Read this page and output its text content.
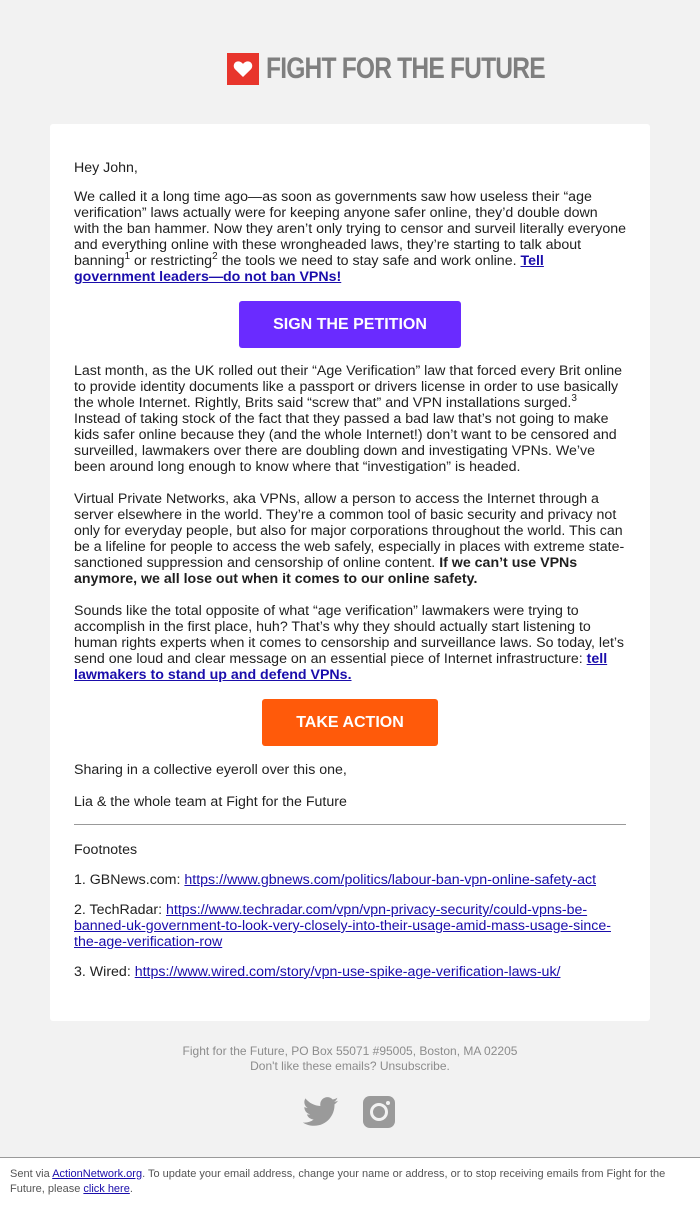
FIGHT FOR THE FUTURE

Hey John,

We called it a long time ago—as soon as governments saw how useless their “age verification” laws actually were for keeping anyone safer online, they’d double down with the ban hammer. Now they aren’t only trying to censor and surveil literally everyone and everything online with these wrongheaded laws, they’re starting to talk about banning$^1$ or restricting$^2$ the tools we need to stay safe and work online. Tell government leaders—do not ban VPNs!

SIGN THE PETITION

Last month, as the UK rolled out their “Age Verification” law that forced every Brit online to provide identity documents like a passport or drivers license in order to use basically the whole Internet. Rightly, Brits said “screw that” and VPN installations surged.$^3$ Instead of taking stock of the fact that they passed a bad law that’s not going to make kids safer online because they (and the whole Internet!) don’t want to be censored and surveilled, lawmakers over there are doubling down and investigating VPNs. We’ve been around long enough to know where that “investigation” is headed.

Virtual Private Networks, aka VPNs, allow a person to access the Internet through a server elsewhere in the world. They’re a common tool of basic security and privacy not only for everyday people, but also for major corporations throughout the world. This can be a lifeline for people to access the web safely, especially in places with extreme state-sanctioned suppression and censorship of online content. If we can’t use VPNs anymore, we all lose out when it comes to our online safety.

Sounds like the total opposite of what “age verification” lawmakers were trying to accomplish in the first place, huh? That’s why they should actually start listening to human rights experts when it comes to censorship and surveillance laws. So today, let’s send one loud and clear message on an essential piece of Internet infrastructure: tell lawmakers to stand up and defend VPNs.

TAKE ACTION

Sharing in a collective eyeroll over this one,

Lia & the whole team at Fight for the Future

Footnotes

1. GBNews.com: https://www.gbnews.com/politics/labour-ban-vpn-online-safety-act

2. TechRadar: https://www.techradar.com/vpn/vpn-privacy-security/could-vpns-be-banned-uk-government-to-look-very-closely-into-their-usage-amid-mass-usage-since-the-age-verification-row

3. Wired: https://www.wired.com/story/vpn-use-spike-age-verification-laws-uk/

Fight for the Future, PO Box 55071 #95005, Boston, MA 02205
Don't like these emails? Unsubscribe.
Sent via ActionNetwork.org. To update your email address, change your name or address, or to stop receiving emails from Fight for the Future, please click here.
